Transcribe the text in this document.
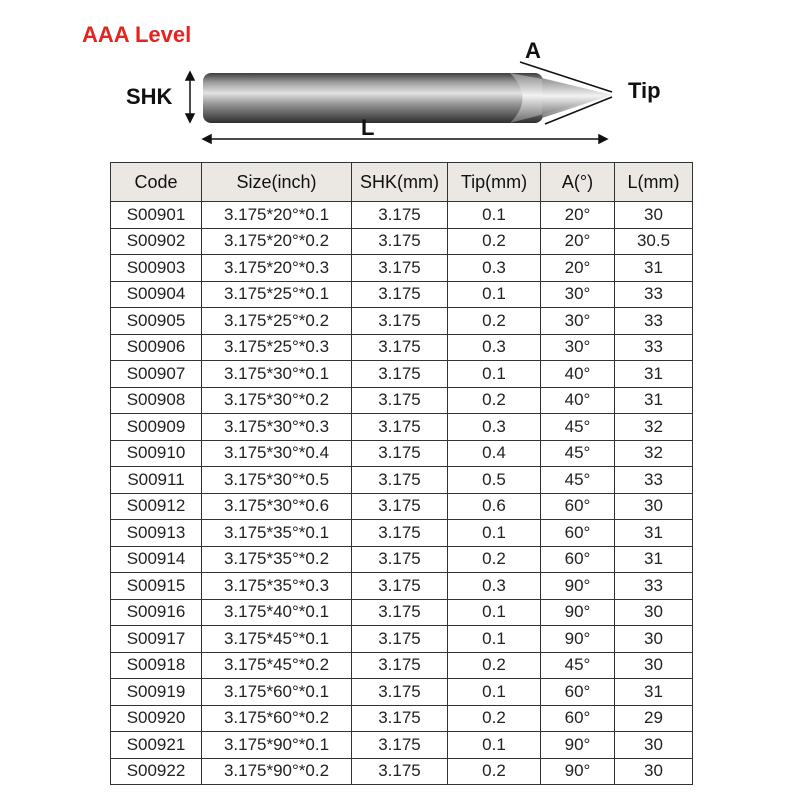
AAA Level
SHK
L
A
Tip
Code	Size(inch)	SHK(mm)	Tip(mm)	A(°)	L(mm)
S00901	3.175*20°*0.1	3.175	0.1	20°	30
S00902	3.175*20°*0.2	3.175	0.2	20°	30.5
S00903	3.175*20°*0.3	3.175	0.3	20°	31
S00904	3.175*25°*0.1	3.175	0.1	30°	33
S00905	3.175*25°*0.2	3.175	0.2	30°	33
S00906	3.175*25°*0.3	3.175	0.3	30°	33
S00907	3.175*30°*0.1	3.175	0.1	40°	31
S00908	3.175*30°*0.2	3.175	0.2	40°	31
S00909	3.175*30°*0.3	3.175	0.3	45°	32
S00910	3.175*30°*0.4	3.175	0.4	45°	32
S00911	3.175*30°*0.5	3.175	0.5	45°	33
S00912	3.175*30°*0.6	3.175	0.6	60°	30
S00913	3.175*35°*0.1	3.175	0.1	60°	31
S00914	3.175*35°*0.2	3.175	0.2	60°	31
S00915	3.175*35°*0.3	3.175	0.3	90°	33
S00916	3.175*40°*0.1	3.175	0.1	90°	30
S00917	3.175*45°*0.1	3.175	0.1	90°	30
S00918	3.175*45°*0.2	3.175	0.2	45°	30
S00919	3.175*60°*0.1	3.175	0.1	60°	31
S00920	3.175*60°*0.2	3.175	0.2	60°	29
S00921	3.175*90°*0.1	3.175	0.1	90°	30
S00922	3.175*90°*0.2	3.175	0.2	90°	30
